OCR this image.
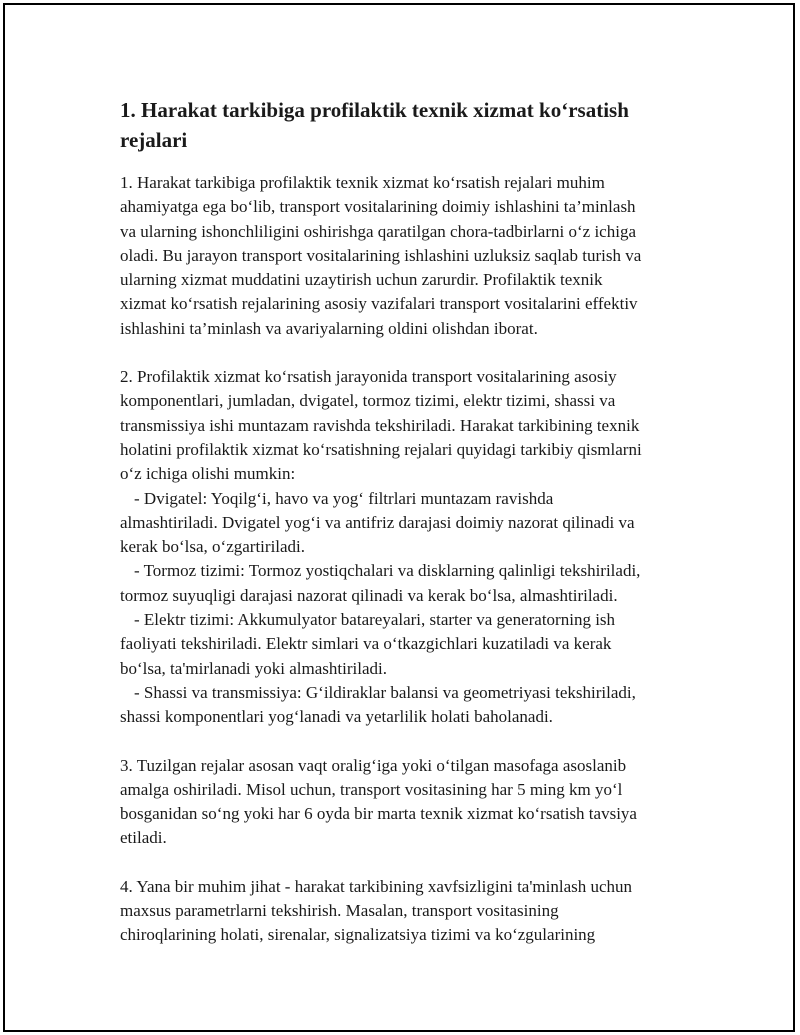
1. Harakat tarkibiga profilaktik texnik xizmat ko‘rsatish
rejalari
1. Harakat tarkibiga profilaktik texnik xizmat ko‘rsatish rejalari muhim
ahamiyatga ega bo‘lib, transport vositalarining doimiy ishlashini ta’minlash
va ularning ishonchliligini oshirishga qaratilgan chora-tadbirlarni o‘z ichiga
oladi. Bu jarayon transport vositalarining ishlashini uzluksiz saqlab turish va
ularning xizmat muddatini uzaytirish uchun zarurdir. Profilaktik texnik
xizmat ko‘rsatish rejalarining asosiy vazifalari transport vositalarini effektiv
ishlashini ta’minlash va avariyalarning oldini olishdan iborat.
2. Profilaktik xizmat ko‘rsatish jarayonida transport vositalarining asosiy
komponentlari, jumladan, dvigatel, tormoz tizimi, elektr tizimi, shassi va
transmissiya ishi muntazam ravishda tekshiriladi. Harakat tarkibining texnik
holatini profilaktik xizmat ko‘rsatishning rejalari quyidagi tarkibiy qismlarni
o‘z ichiga olishi mumkin:
- Dvigatel: Yoqilg‘i, havo va yog‘ filtrlari muntazam ravishda
almashtiriladi. Dvigatel yog‘i va antifriz darajasi doimiy nazorat qilinadi va
kerak bo‘lsa, o‘zgartiriladi.
- Tormoz tizimi: Tormoz yostiqchalari va disklarning qalinligi tekshiriladi,
tormoz suyuqligi darajasi nazorat qilinadi va kerak bo‘lsa, almashtiriladi.
- Elektr tizimi: Akkumulyator batareyalari, starter va generatorning ish
faoliyati tekshiriladi. Elektr simlari va o‘tkazgichlari kuzatiladi va kerak
bo‘lsa, ta'mirlanadi yoki almashtiriladi.
- Shassi va transmissiya: G‘ildiraklar balansi va geometriyasi tekshiriladi,
shassi komponentlari yog‘lanadi va yetarlilik holati baholanadi.
3. Tuzilgan rejalar asosan vaqt oralig‘iga yoki o‘tilgan masofaga asoslanib
amalga oshiriladi. Misol uchun, transport vositasining har 5 ming km yo‘l
bosganidan so‘ng yoki har 6 oyda bir marta texnik xizmat ko‘rsatish tavsiya
etiladi.
4. Yana bir muhim jihat - harakat tarkibining xavfsizligini ta'minlash uchun
maxsus parametrlarni tekshirish. Masalan, transport vositasining
chiroqlarining holati, sirenalar, signalizatsiya tizimi va ko‘zgularining
